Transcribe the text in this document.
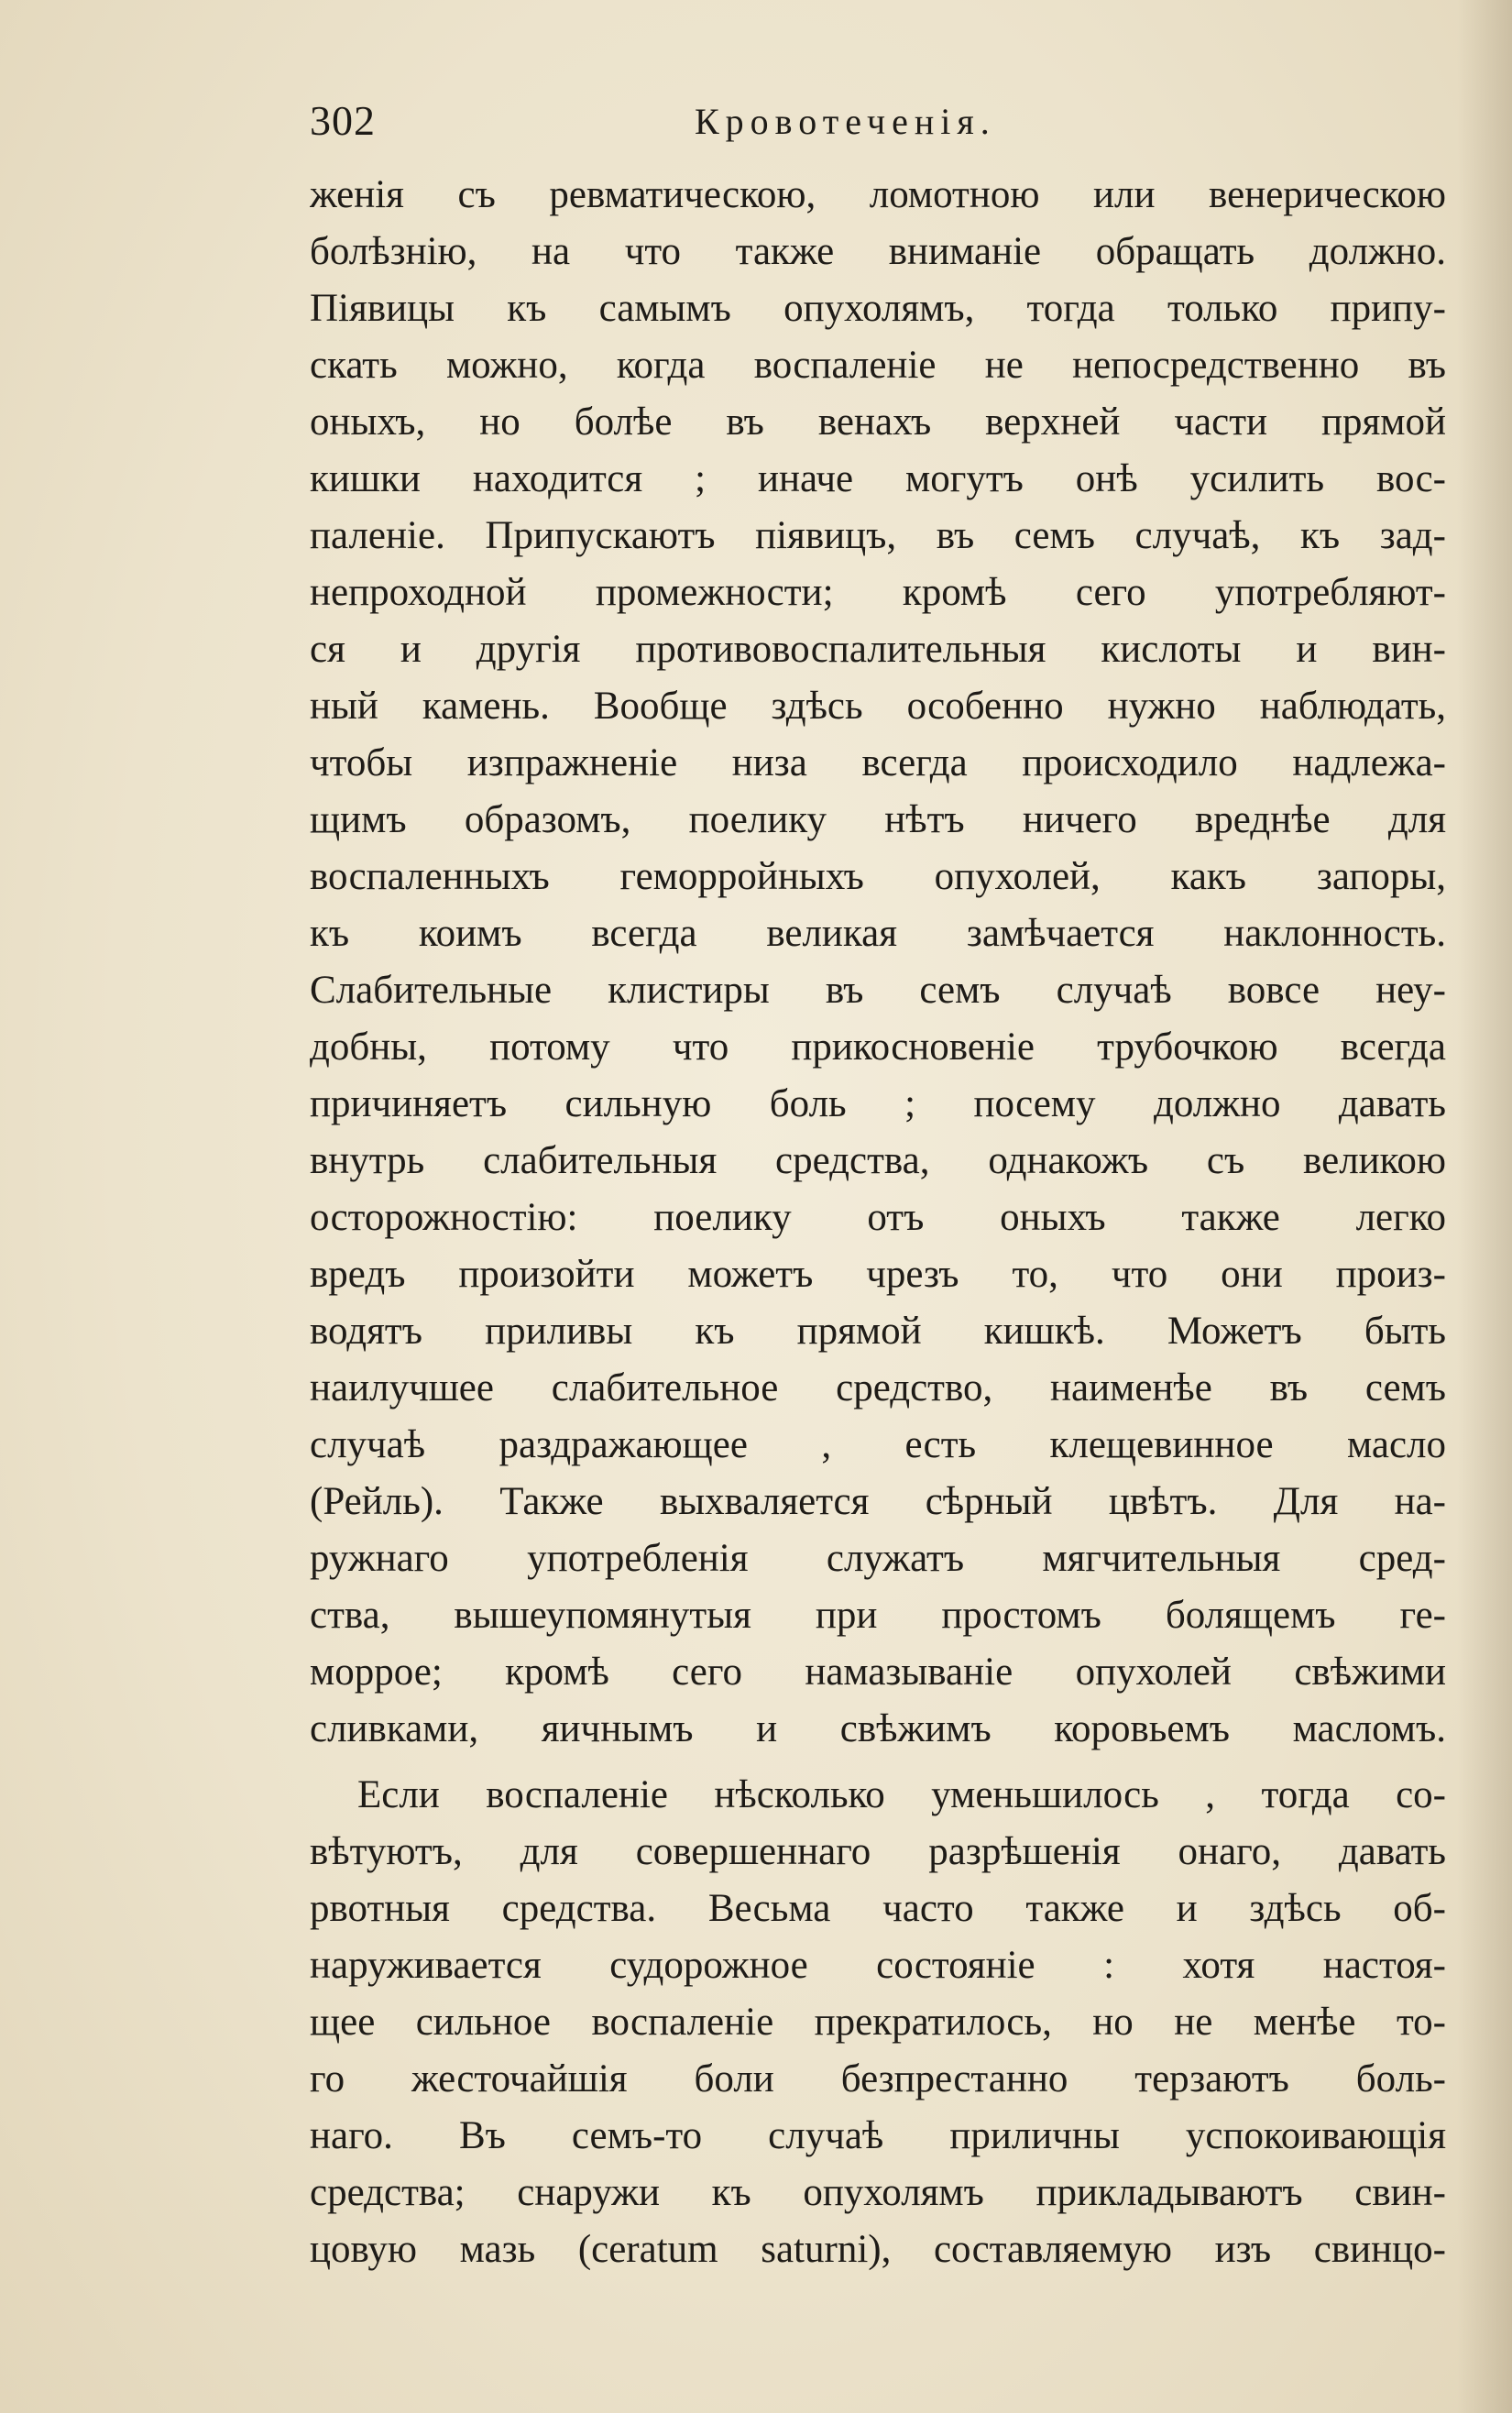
302	Кровотеченія.
женія съ ревматическою, ломотною или венерическою
болѣзнію, на что также вниманіе обращать должно.
Піявицы къ самымъ опухолямъ, тогда только припу-
скать можно, когда воспаленіе не непосредственно въ
оныхъ, но болѣе въ венахъ верхней части прямой
кишки находится ; иначе могутъ онѣ усилить вос-
паленіе. Припускаютъ піявицъ, въ семъ случаѣ, къ зад-
непроходной промежности; кромѣ сего употребляют-
ся и другія противовоспалительныя кислоты и вин-
ный камень. Вообще здѣсь особенно нужно наблюдать,
чтобы изпражненіе низа всегда происходило надлежа-
щимъ образомъ, поелику нѣтъ ничего вреднѣе для
воспаленныхъ геморройныхъ опухолей, какъ запоры,
къ коимъ всегда великая замѣчается наклонность.
Слабительные клистиры въ семъ случаѣ вовсе неу-
добны, потому что прикосновеніе трубочкою всегда
причиняетъ сильную боль ; посему должно давать
внутрь слабительныя средства, однакожъ съ великою
осторожностію: поелику отъ оныхъ также легко
вредъ произойти можетъ чрезъ то, что они произ-
водятъ приливы къ прямой кишкѣ. Можетъ быть
наилучшее слабительное средство, наименѣе въ семъ
случаѣ раздражающее , есть клещевинное масло
(Рейль). Также выхваляется сѣрный цвѣтъ. Для на-
ружнаго употребленія служатъ мягчительныя сред-
ства, вышеупомянутыя при простомъ болящемъ ге-
моррое; кромѣ сего намазываніе опухолей свѣжими
сливками, яичнымъ и свѣжимъ коровьемъ масломъ.
Если воспаленіе нѣсколько уменьшилось , тогда со-
вѣтуютъ, для совершеннаго разрѣшенія онаго, давать
рвотныя средства. Весьма часто также и здѣсь об-
наруживается судорожное состояніе : хотя настоя-
щее сильное воспаленіе прекратилось, но не менѣе то-
го жесточайшія боли безпрестанно терзаютъ боль-
наго. Въ семъ-то случаѣ приличны успокоивающія
средства; снаружи къ опухолямъ прикладываютъ свин-
цовую мазь (ceratum saturni), составляемую изъ свинцо-
